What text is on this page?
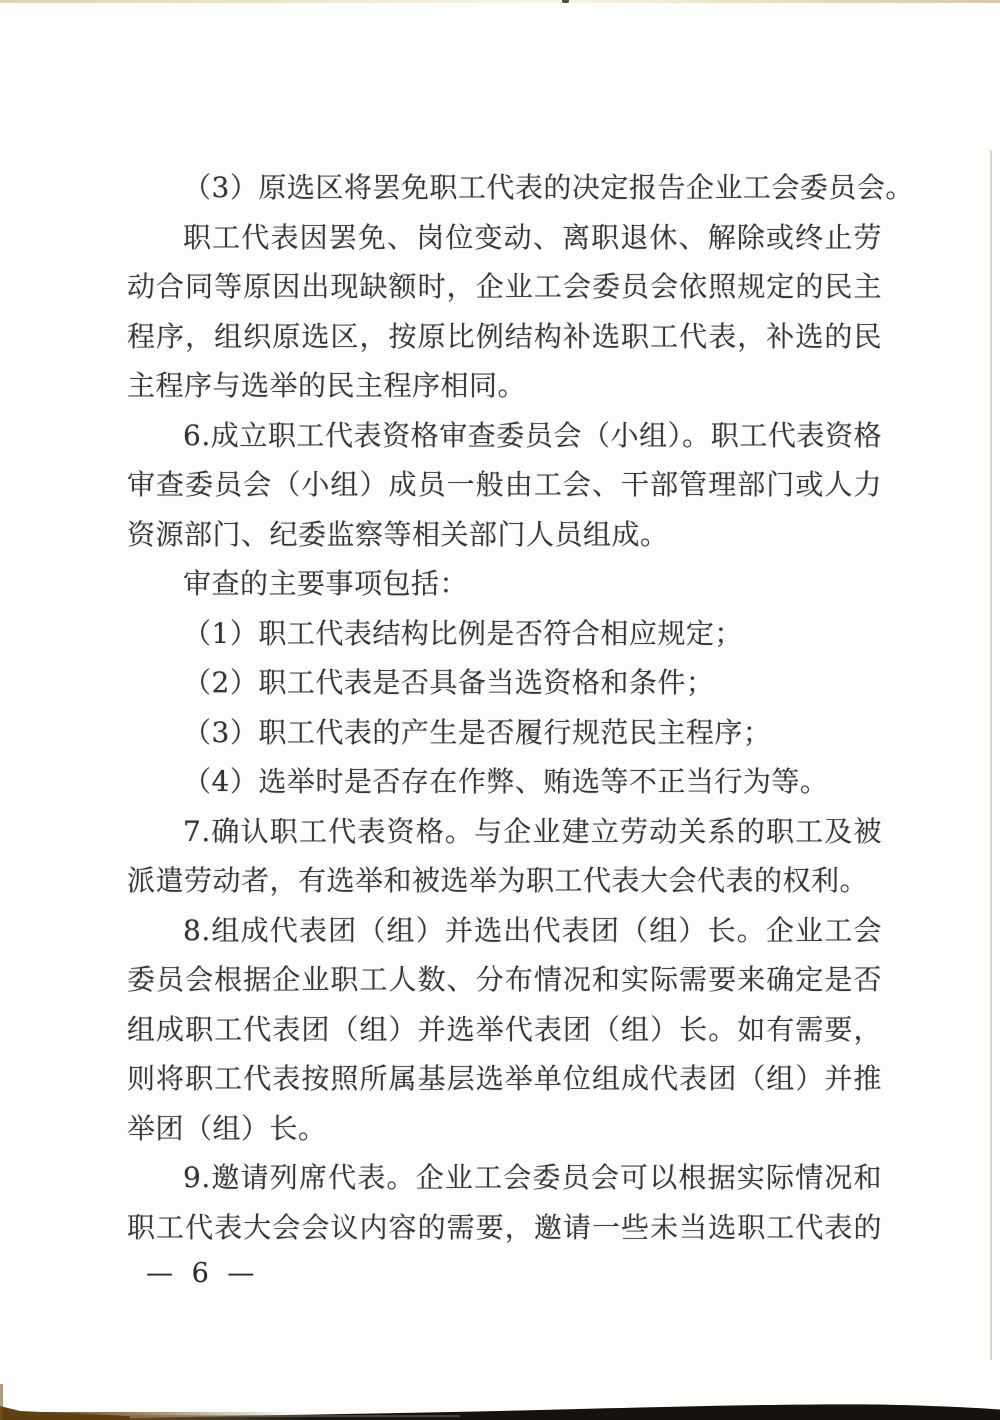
（3）原选区将罢免职工代表的决定报告企业工会委员会。
职工代表因罢免、岗位变动、离职退休、解除或终止劳
动合同等原因出现缺额时，企业工会委员会依照规定的民主
程序，组织原选区，按原比例结构补选职工代表，补选的民
主程序与选举的民主程序相同。
6.成立职工代表资格审查委员会（小组）。职工代表资格
审查委员会（小组）成员一般由工会、干部管理部门或人力
资源部门、纪委监察等相关部门人员组成。
审查的主要事项包括：
（1）职工代表结构比例是否符合相应规定；
（2）职工代表是否具备当选资格和条件；
（3）职工代表的产生是否履行规范民主程序；
（4）选举时是否存在作弊、贿选等不正当行为等。
7.确认职工代表资格。与企业建立劳动关系的职工及被
派遣劳动者，有选举和被选举为职工代表大会代表的权利。
8.组成代表团（组）并选出代表团（组）长。企业工会
委员会根据企业职工人数、分布情况和实际需要来确定是否
组成职工代表团（组）并选举代表团（组）长。如有需要，
则将职工代表按照所属基层选举单位组成代表团（组）并推
举团（组）长。
9.邀请列席代表。企业工会委员会可以根据实际情况和
职工代表大会会议内容的需要，邀请一些未当选职工代表的
— 6 —
